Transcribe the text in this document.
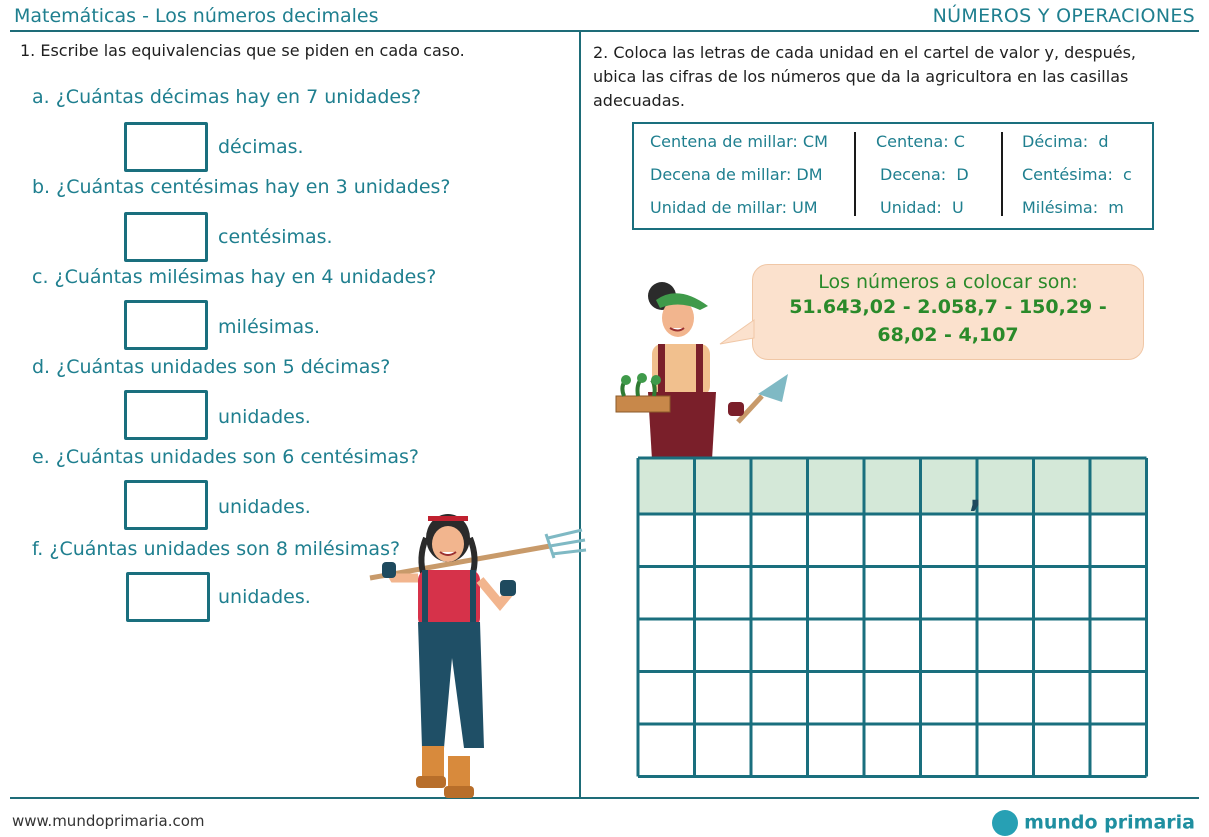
Matemáticas - Los números decimales	NÚMEROS Y OPERACIONES
1. Escribe las equivalencias que se piden en cada caso.
a. ¿Cuántas décimas hay en 7 unidades?
décimas.
b. ¿Cuántas centésimas hay en 3 unidades?
centésimas.
c. ¿Cuántas milésimas hay en 4 unidades?
milésimas.
d. ¿Cuántas unidades son 5 décimas?
unidades.
e. ¿Cuántas unidades son 6 centésimas?
unidades.
f. ¿Cuántas unidades son 8 milésimas?
unidades.
2. Coloca las letras de cada unidad en el cartel de valor y, después,
ubica las cifras de los números que da la agricultora en las casillas
adecuadas.
Centena de millar: CM
Decena de millar: DM
Unidad de millar: UM
Centena: C
Decena:  D
Unidad:  U
Décima:  d
Centésima:  c
Milésima:  m
Los números a colocar son:
51.643,02 - 2.058,7 - 150,29 -
68,02 - 4,107
,
www.mundoprimaria.com	mundo primaria
